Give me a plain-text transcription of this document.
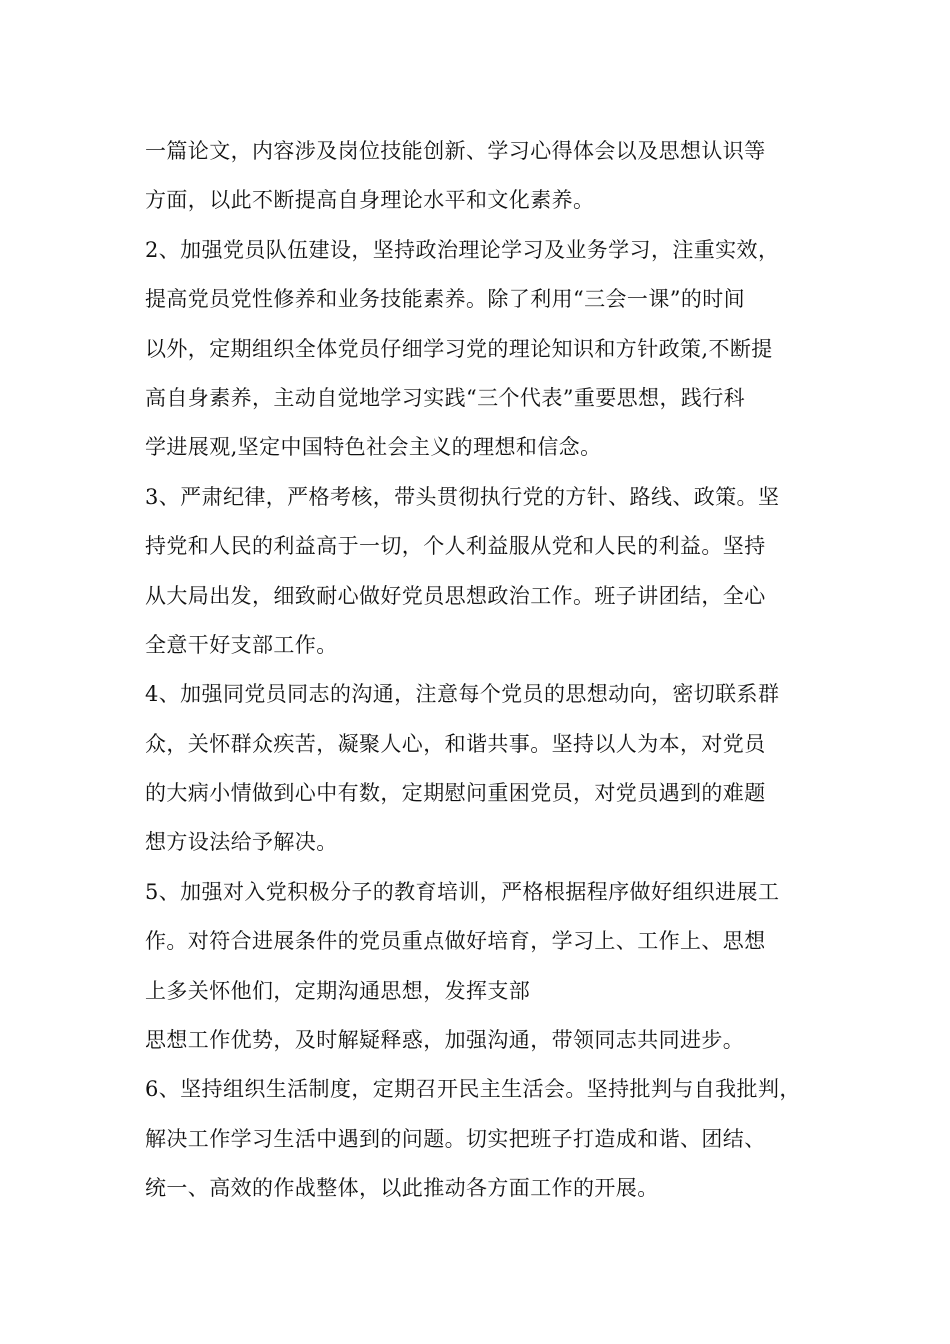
一篇论文，内容涉及岗位技能创新、学习心得体会以及思想认识等
方面，以此不断提高自身理论水平和文化素养。
2、加强党员队伍建设，坚持政治理论学习及业务学习，注重实效，
提高党员党性修养和业务技能素养。除了利用“三会一课”的时间
以外，定期组织全体党员仔细学习党的理论知识和方针政策,不断提
高自身素养，主动自觉地学习实践“三个代表”重要思想，践行科
学进展观,坚定中国特色社会主义的理想和信念。
3、严肃纪律，严格考核，带头贯彻执行党的方针、路线、政策。坚
持党和人民的利益高于一切，个人利益服从党和人民的利益。坚持
从大局出发，细致耐心做好党员思想政治工作。班子讲团结，全心
全意干好支部工作。
4、加强同党员同志的沟通，注意每个党员的思想动向，密切联系群
众，关怀群众疾苦，凝聚人心，和谐共事。坚持以人为本，对党员
的大病小情做到心中有数，定期慰问重困党员，对党员遇到的难题
想方设法给予解决。
5、加强对入党积极分子的教育培训，严格根据程序做好组织进展工
作。对符合进展条件的党员重点做好培育，学习上、工作上、思想
上多关怀他们，定期沟通思想，发挥支部
思想工作优势，及时解疑释惑，加强沟通，带领同志共同进步。
6、坚持组织生活制度，定期召开民主生活会。坚持批判与自我批判，
解决工作学习生活中遇到的问题。切实把班子打造成和谐、团结、
统一、高效的作战整体，以此推动各方面工作的开展。
